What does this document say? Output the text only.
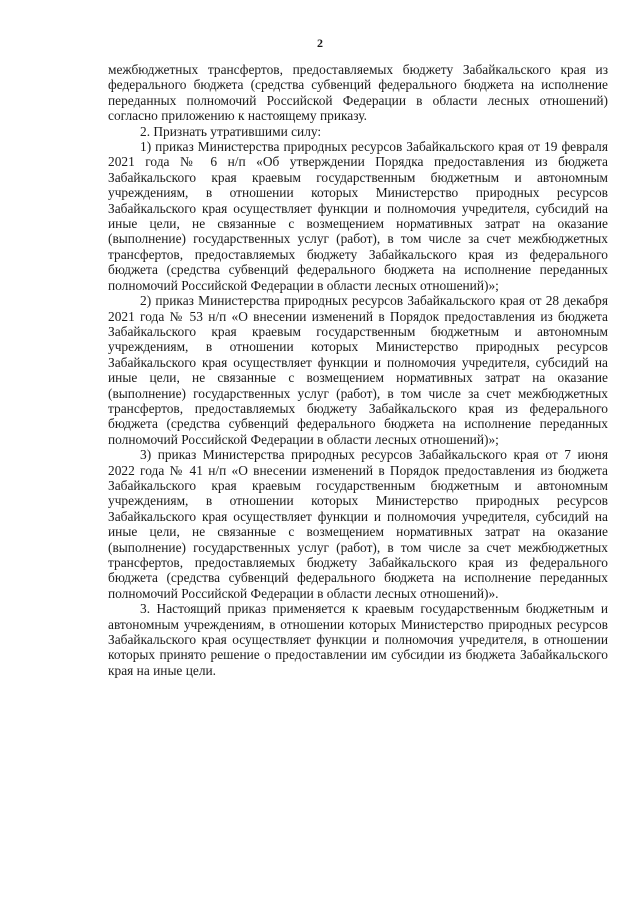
2

межбюджетных трансфертов, предоставляемых бюджету Забайкальского края из федерального бюджета (средства субвенций федерального бюджета на исполнение переданных полномочий Российской Федерации в области лесных отношений) согласно приложению к настоящему приказу.

2. Признать утратившими силу:

1) приказ Министерства природных ресурсов Забайкальского края от 19 февраля 2021 года № 6 н/п «Об утверждении Порядка предоставления из бюджета Забайкальского края краевым государственным бюджетным и автономным учреждениям, в отношении которых Министерство природных ресурсов Забайкальского края осуществляет функции и полномочия учредителя, субсидий на иные цели, не связанные с возмещением нормативных затрат на оказание (выполнение) государственных услуг (работ), в том числе за счет межбюджетных трансфертов, предоставляемых бюджету Забайкальского края из федерального бюджета (средства субвенций федерального бюджета на исполнение переданных полномочий Российской Федерации в области лесных отношений)»;

2) приказ Министерства природных ресурсов Забайкальского края от 28 декабря 2021 года № 53 н/п «О внесении изменений в Порядок предоставления из бюджета Забайкальского края краевым государственным бюджетным и автономным учреждениям, в отношении которых Министерство природных ресурсов Забайкальского края осуществляет функции и полномочия учредителя, субсидий на иные цели, не связанные с возмещением нормативных затрат на оказание (выполнение) государственных услуг (работ), в том числе за счет межбюджетных трансфертов, предоставляемых бюджету Забайкальского края из федерального бюджета (средства субвенций федерального бюджета на исполнение переданных полномочий Российской Федерации в области лесных отношений)»;

3) приказ Министерства природных ресурсов Забайкальского края от 7 июня 2022 года № 41 н/п «О внесении изменений в Порядок предоставления из бюджета Забайкальского края краевым государственным бюджетным и автономным учреждениям, в отношении которых Министерство природных ресурсов Забайкальского края осуществляет функции и полномочия учредителя, субсидий на иные цели, не связанные с возмещением нормативных затрат на оказание (выполнение) государственных услуг (работ), в том числе за счет межбюджетных трансфертов, предоставляемых бюджету Забайкальского края из федерального бюджета (средства субвенций федерального бюджета на исполнение переданных полномочий Российской Федерации в области лесных отношений)».

3. Настоящий приказ применяется к краевым государственным бюджетным и автономным учреждениям, в отношении которых Министерство природных ресурсов Забайкальского края осуществляет функции и полномочия учредителя, в отношении которых принято решение о предоставлении им субсидии из бюджета Забайкальского края на иные цели.
